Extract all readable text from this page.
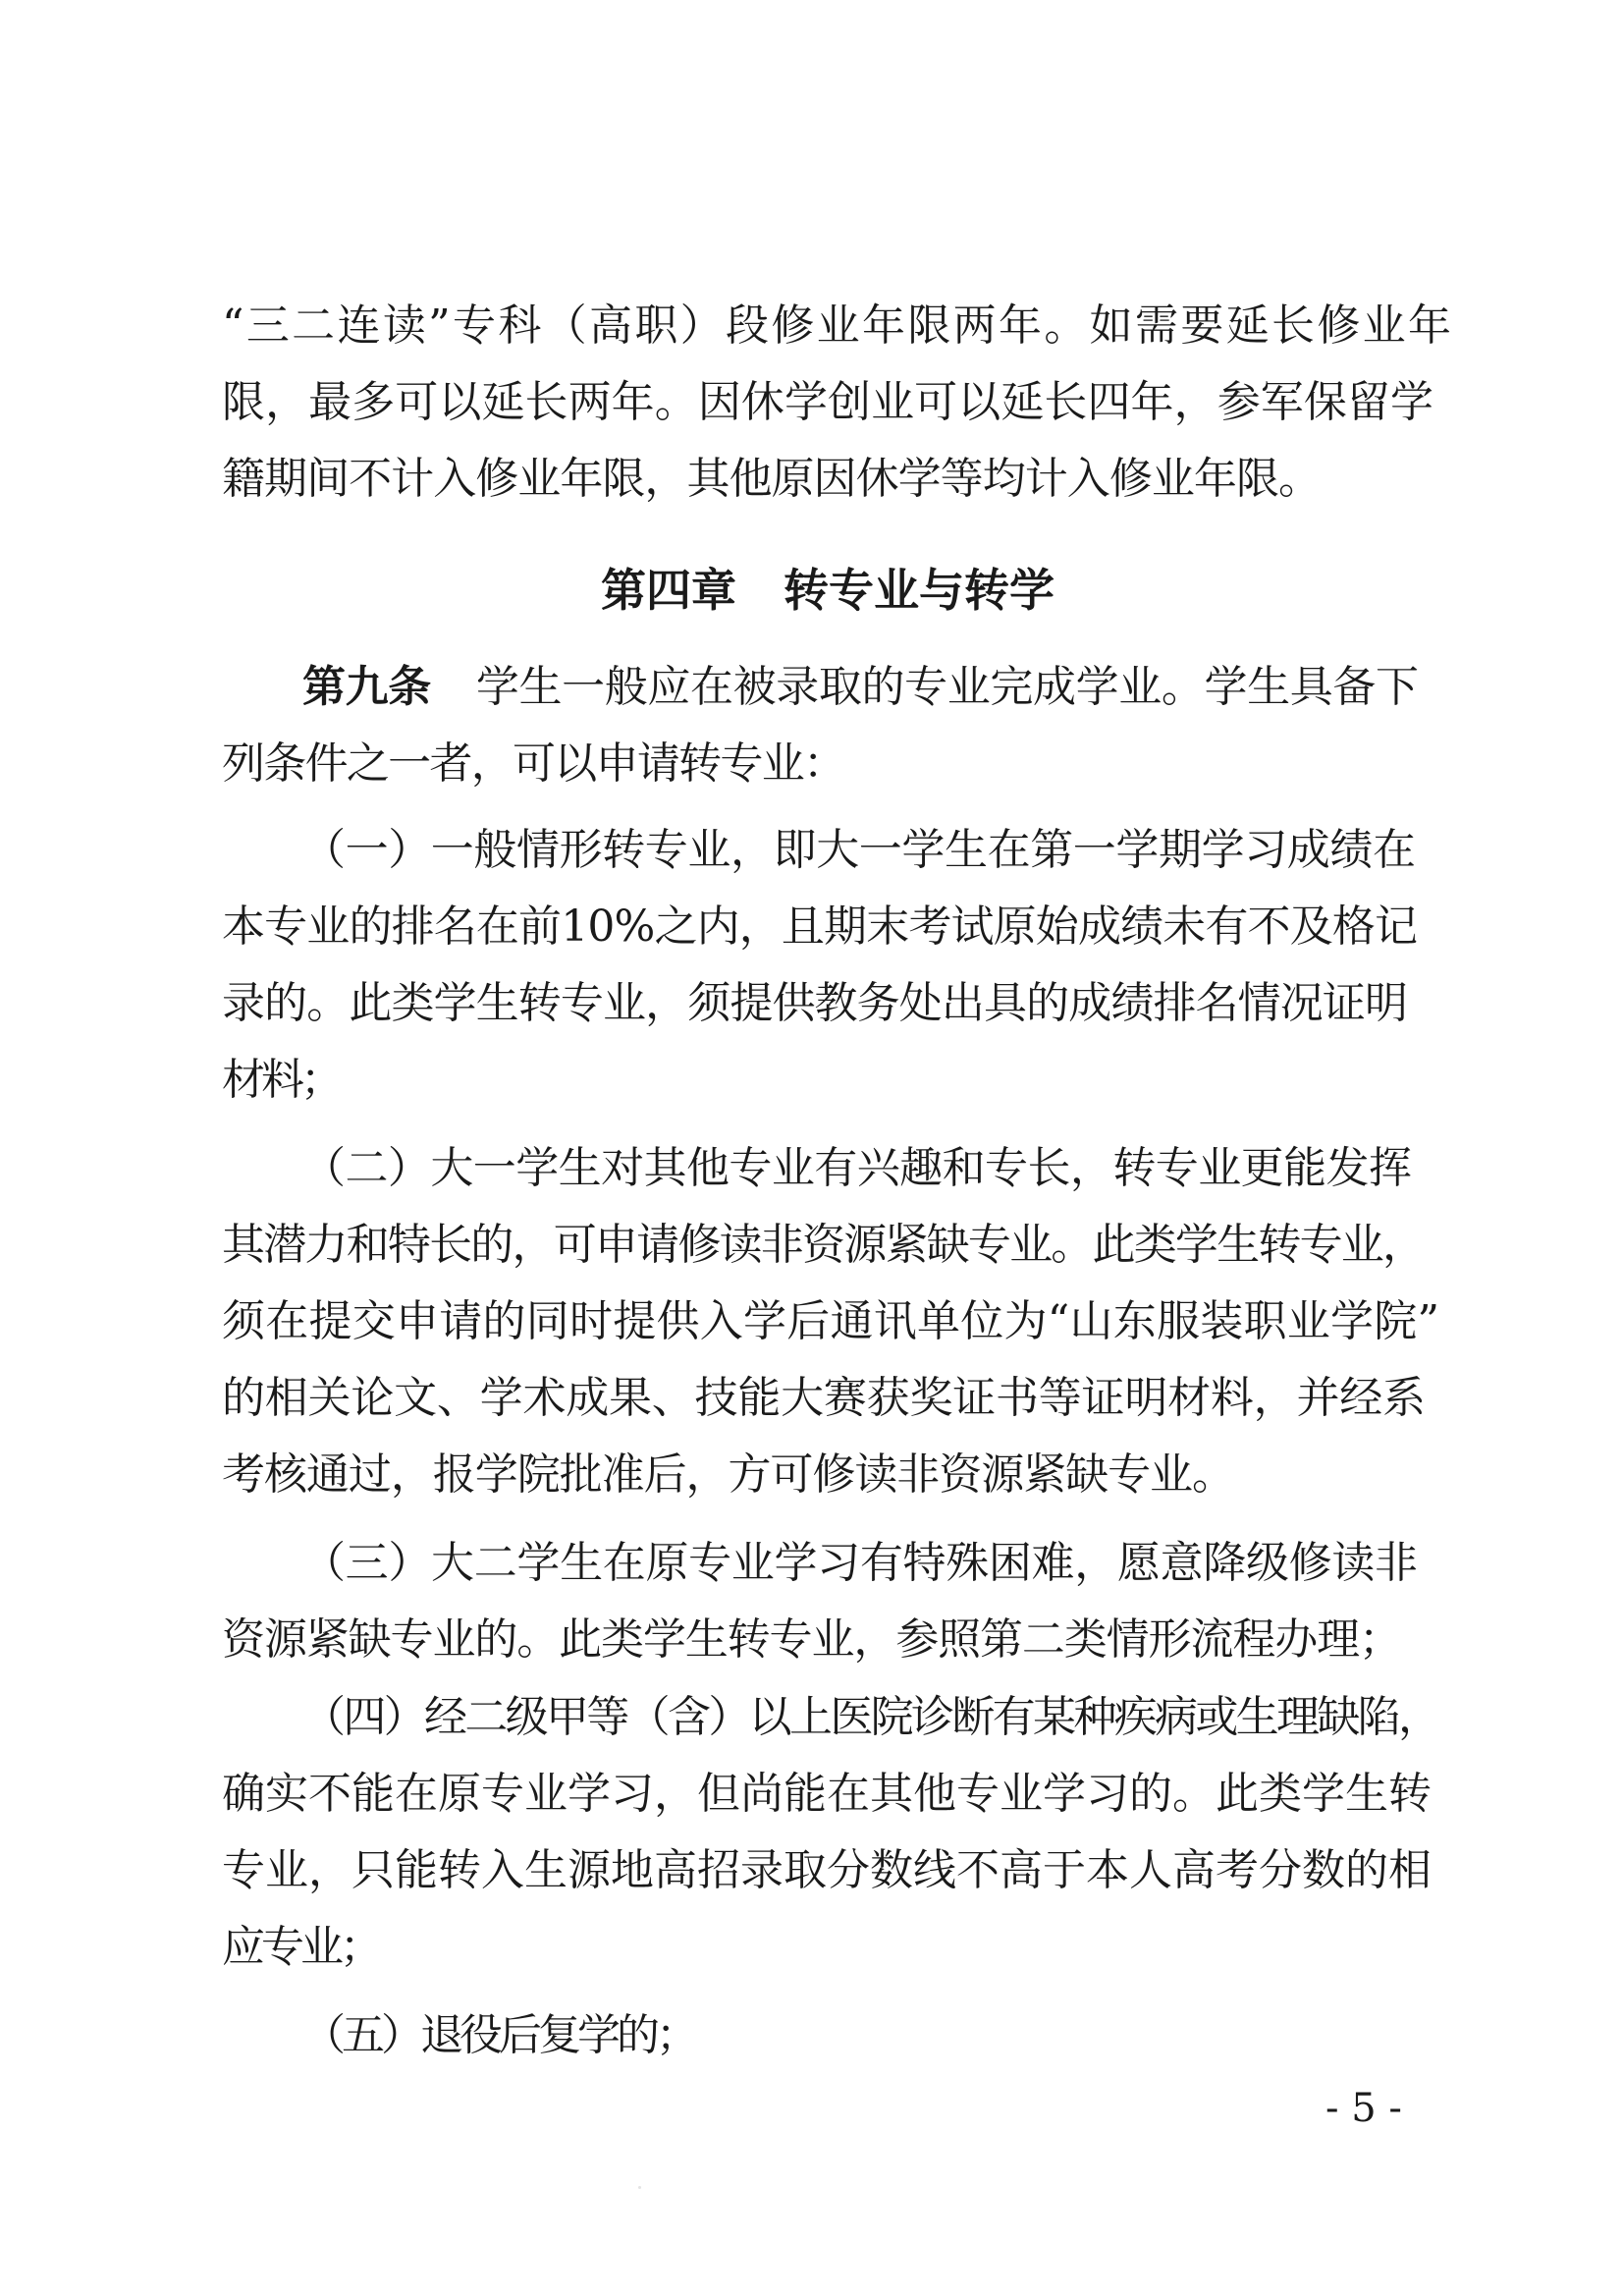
“三二连读”专科（高职）段修业年限两年。如需要延长修业年
限，最多可以延长两年。因休学创业可以延长四年，参军保留学
籍期间不计入修业年限，其他原因休学等均计入修业年限。
第四章 转专业与转学
第九条 学生一般应在被录取的专业完成学业。学生具备下
列条件之一者，可以申请转专业：
（一）一般情形转专业，即大一学生在第一学期学习成绩在
本专业的排名在前10%之内，且期末考试原始成绩未有不及格记
录的。此类学生转专业，须提供教务处出具的成绩排名情况证明
材料；
（二）大一学生对其他专业有兴趣和专长，转专业更能发挥
其潜力和特长的，可申请修读非资源紧缺专业。此类学生转专业，
须在提交申请的同时提供入学后通讯单位为“山东服装职业学院”
的相关论文、学术成果、技能大赛获奖证书等证明材料，并经系
考核通过，报学院批准后，方可修读非资源紧缺专业。
（三）大二学生在原专业学习有特殊困难，愿意降级修读非
资源紧缺专业的。此类学生转专业，参照第二类情形流程办理；
（四）经二级甲等（含）以上医院诊断有某种疾病或生理缺陷，
确实不能在原专业学习，但尚能在其他专业学习的。此类学生转
专业，只能转入生源地高招录取分数线不高于本人高考分数的相
应专业；
（五）退役后复学的；
- 5 -
